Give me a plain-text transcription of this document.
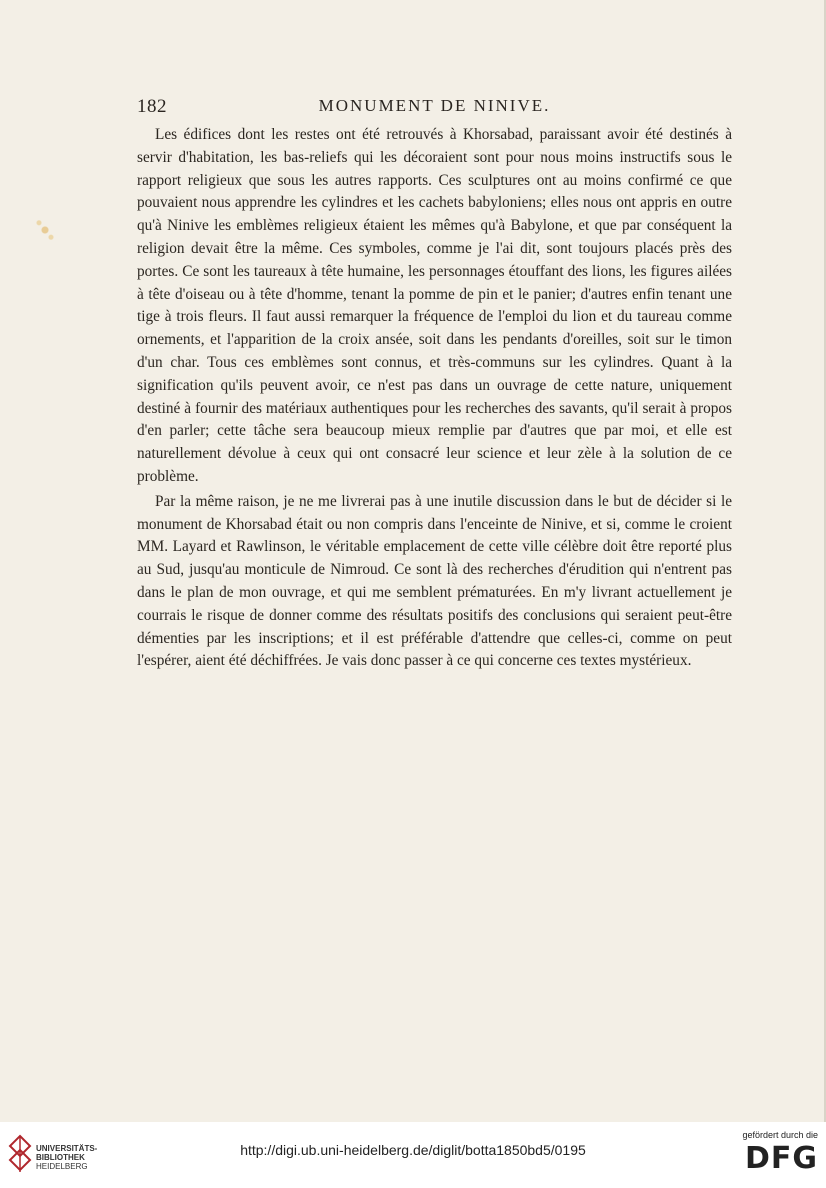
182	MONUMENT DE NINIVE.

Les édifices dont les restes ont été retrouvés à Khorsabad, paraissant avoir été destinés à servir d'habitation, les bas-reliefs qui les décoraient sont pour nous moins instructifs sous le rapport religieux que sous les autres rapports. Ces sculptures ont au moins confirmé ce que pouvaient nous apprendre les cylindres et les cachets babyloniens; elles nous ont appris en outre qu'à Ninive les emblèmes religieux étaient les mêmes qu'à Babylone, et que par conséquent la religion devait être la même. Ces symboles, comme je l'ai dit, sont toujours placés près des portes. Ce sont les taureaux à tête humaine, les personnages étouffant des lions, les figures ailées à tête d'oiseau ou à tête d'homme, tenant la pomme de pin et le panier; d'autres enfin tenant une tige à trois fleurs. Il faut aussi remarquer la fréquence de l'emploi du lion et du taureau comme ornements, et l'apparition de la croix ansée, soit dans les pendants d'oreilles, soit sur le timon d'un char. Tous ces emblèmes sont connus, et très-communs sur les cylindres. Quant à la signification qu'ils peuvent avoir, ce n'est pas dans un ouvrage de cette nature, uniquement destiné à fournir des matériaux authentiques pour les recherches des savants, qu'il serait à propos d'en parler; cette tâche sera beaucoup mieux remplie par d'autres que par moi, et elle est naturellement dévolue à ceux qui ont consacré leur science et leur zèle à la solution de ce problème.

Par la même raison, je ne me livrerai pas à une inutile discussion dans le but de décider si le monument de Khorsabad était ou non compris dans l'enceinte de Ninive, et si, comme le croient MM. Layard et Rawlinson, le véritable emplacement de cette ville célèbre doit être reporté plus au Sud, jusqu'au monticule de Nimroud. Ce sont là des recherches d'érudition qui n'entrent pas dans le plan de mon ouvrage, et qui me semblent prématurées. En m'y livrant actuellement je courrais le risque de donner comme des résultats positifs des conclusions qui seraient peut-être démenties par les inscriptions; et il est préférable d'attendre que celles-ci, comme on peut l'espérer, aient été déchiffrées. Je vais donc passer à ce qui concerne ces textes mystérieux.

UNIVERSITÄTS-
BIBLIOTHEK
HEIDELBERG
http://digi.ub.uni-heidelberg.de/diglit/botta1850bd5/0195
gefördert durch die
DFG
